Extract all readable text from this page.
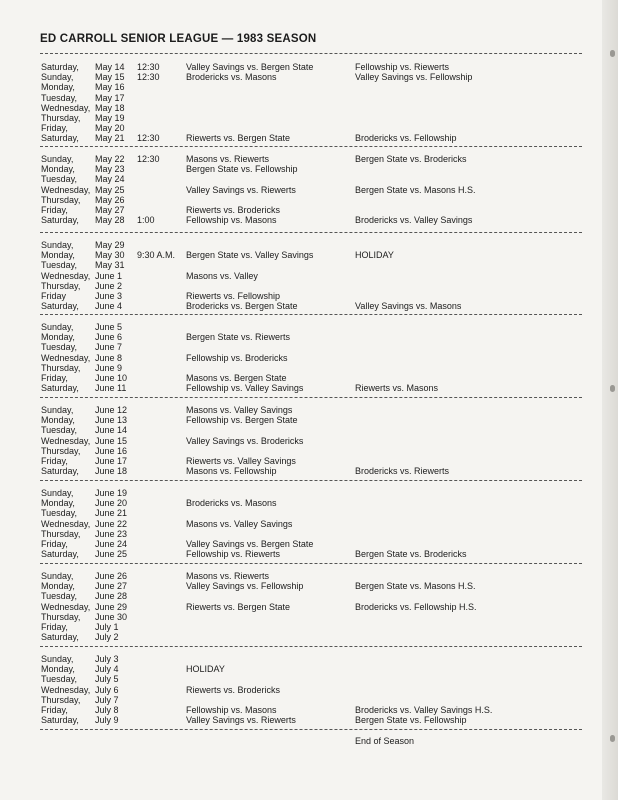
ED CARROLL SENIOR LEAGUE — 1983 SEASON
Saturday, May 14 12:30	Valley Savings vs. Bergen State	Fellowship vs. Riewerts
Sunday, May 15 12:30	Brodericks vs. Masons	Valley Savings vs. Fellowship
Monday, May 16
Tuesday, May 17
Wednesday, May 18
Thursday, May 19
Friday,	May 20
Saturday, May 21 12:30	Riewerts vs. Bergen State	Brodericks vs. Fellowship
Sunday, May 22 12:30	Masons vs. Riewerts	Bergen State vs. Brodericks
Monday, May 23	Bergen State vs. Fellowship
Tuesday, May 24
Wednesday, May 25	Valley Savings vs. Riewerts	Bergen State vs. Masons H.S.
Thursday, May 26
Friday,	May 27	Riewerts vs. Brodericks
Saturday, May 28 1:00	Fellowship vs. Masons	Brodericks vs. Valley Savings
Sunday, May 29
Monday, May 30 9:30 A.M. Bergen State vs. Valley Savings	HOLIDAY
Tuesday, May 31
Wednesday, June 1	Masons vs. Valley
Thursday, June 2
Friday	June 3	Riewerts vs. Fellowship
Saturday, June 4	Brodericks vs. Bergen State	Valley Savings vs. Masons
Sunday, June 5
Monday, June 6	Bergen State vs. Riewerts
Tuesday, June 7
Wednesday, June 8	Fellowship vs. Brodericks
Thursday, June 9
Friday,	June 10	Masons vs. Bergen State
Saturday, June 11	Fellowship vs. Valley Savings	Riewerts vs. Masons
Sunday, June 12	Masons vs. Valley Savings
Monday, June 13	Fellowship vs. Bergen State
Tuesday, June 14
Wednesday, June 15	Valley Savings vs. Brodericks
Thursday, June 16
Friday,	June 17	Riewerts vs. Valley Savings
Saturday, June 18	Masons vs. Fellowship	Brodericks vs. Riewerts
Sunday, June 19
Monday, June 20	Brodericks vs. Masons
Tuesday, June 21
Wednesday, June 22	Masons vs. Valley Savings
Thursday, June 23
Friday,	June 24	Valley Savings vs. Bergen State
Saturday, June 25	Fellowship vs. Riewerts	Bergen State vs. Brodericks
Sunday, June 26	Masons vs. Riewerts
Monday, June 27	Valley Savings vs. Fellowship	Bergen State vs. Masons H.S.
Tuesday, June 28
Wednesday, June 29	Riewerts vs. Bergen State	Brodericks vs. Fellowship H.S.
Thursday, June 30
Friday,	July 1
Saturday, July 2
Sunday, July 3
Monday, July 4	HOLIDAY
Tuesday, July 5
Wednesday, July 6	Riewerts vs. Brodericks
Thursday, July 7
Friday,	July 8	Fellowship vs. Masons	Brodericks vs. Valley Savings H.S.
Saturday, July 9	Valley Savings vs. Riewerts	Bergen State vs. Fellowship
End of Season
